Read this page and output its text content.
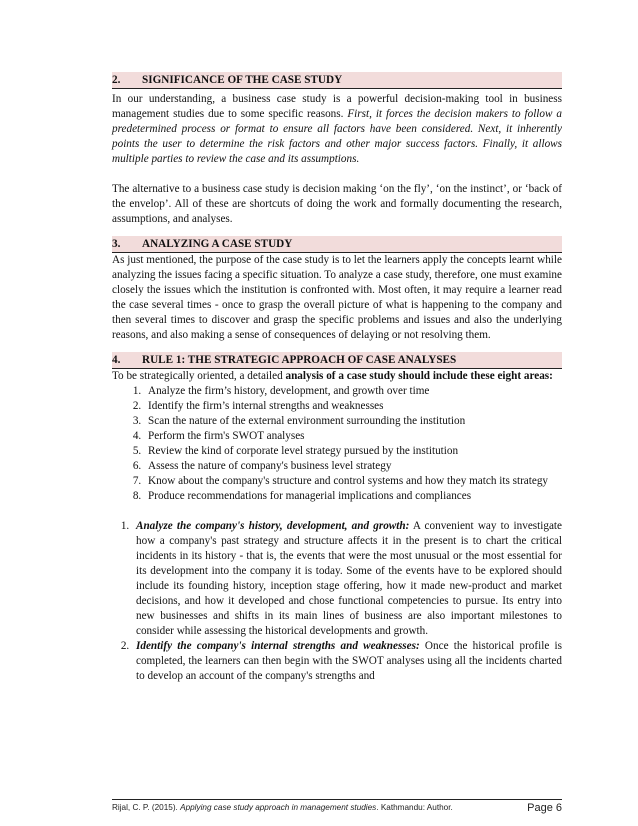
2. SIGNIFICANCE OF THE CASE STUDY

In our understanding, a business case study is a powerful decision-making tool in business management studies due to some specific reasons. First, it forces the decision makers to follow a predetermined process or format to ensure all factors have been considered. Next, it inherently points the user to determine the risk factors and other major success factors. Finally, it allows multiple parties to review the case and its assumptions.

The alternative to a business case study is decision making ‘on the fly’, ‘on the instinct’, or ‘back of the envelop’. All of these are shortcuts of doing the work and formally documenting the research, assumptions, and analyses.

3. ANALYZING A CASE STUDY

As just mentioned, the purpose of the case study is to let the learners apply the concepts learnt while analyzing the issues facing a specific situation. To analyze a case study, therefore, one must examine closely the issues which the institution is confronted with. Most often, it may require a learner read the case several times - once to grasp the overall picture of what is happening to the company and then several times to discover and grasp the specific problems and issues and also the underlying reasons, and also making a sense of consequences of delaying or not resolving them.

4. RULE 1: THE STRATEGIC APPROACH OF CASE ANALYSES

To be strategically oriented, a detailed analysis of a case study should include these eight areas:

1. Analyze the firm’s history, development, and growth over time
2. Identify the firm’s internal strengths and weaknesses
3. Scan the nature of the external environment surrounding the institution
4. Perform the firm's SWOT analyses
5. Review the kind of corporate level strategy pursued by the institution
6. Assess the nature of company's business level strategy
7. Know about the company's structure and control systems and how they match its strategy
8. Produce recommendations for managerial implications and compliances
1. Analyze the company's history, development, and growth: A convenient way to investigate how a company's past strategy and structure affects it in the present is to chart the critical incidents in its history - that is, the events that were the most unusual or the most essential for its development into the company it is today. Some of the events have to be explored should include its founding history, inception stage offering, how it made new-product and market decisions, and how it developed and chose functional competencies to pursue. Its entry into new businesses and shifts in its main lines of business are also important milestones to consider while assessing the historical developments and growth.
2. Identify the company's internal strengths and weaknesses: Once the historical profile is completed, the learners can then begin with the SWOT analyses using all the incidents charted to develop an account of the company's strengths and
Rijal, C. P. (2015). Applying case study approach in management studies. Kathmandu: Author.	Page 6
